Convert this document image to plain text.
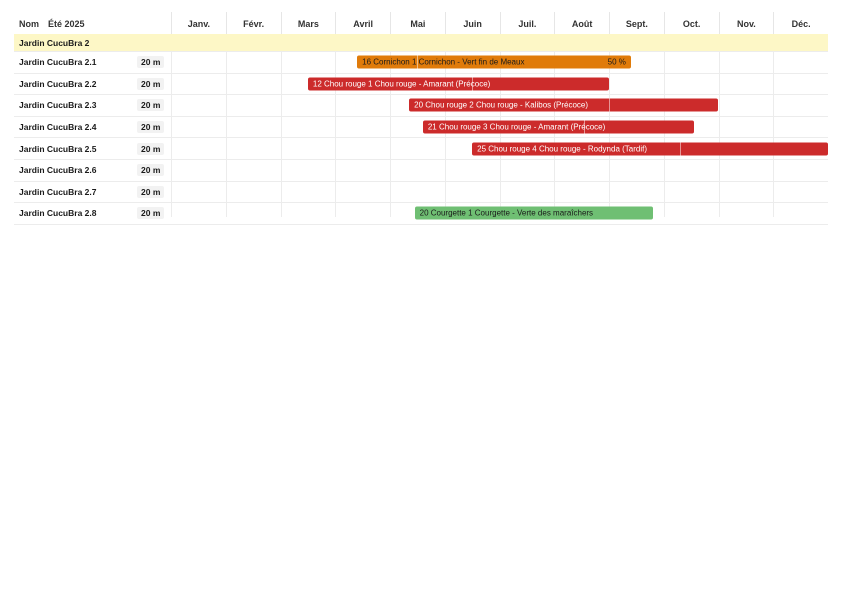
Nom Été 2025	Janv.	Févr.	Mars	Avril	Mai	Juin	Juil.	Août	Sept.	Oct.	Nov.	Déc.
Jardin CucuBra 2
Jardin CucuBra 2.1	20 m	16 Cornichon 1 Cornichon - Vert fin de Meaux	50 %
Jardin CucuBra 2.2	20 m	12 Chou rouge 1 Chou rouge - Amarant (Précoce)
Jardin CucuBra 2.3	20 m	20 Chou rouge 2 Chou rouge - Kalibos (Précoce)
Jardin CucuBra 2.4	20 m	21 Chou rouge 3 Chou rouge - Amarant (Précoce)
Jardin CucuBra 2.5	20 m	25 Chou rouge 4 Chou rouge - Rodynda (Tardif)
Jardin CucuBra 2.6	20 m
Jardin CucuBra 2.7	20 m
Jardin CucuBra 2.8	20 m	20 Courgette 1 Courgette - Verte des maraîchers
